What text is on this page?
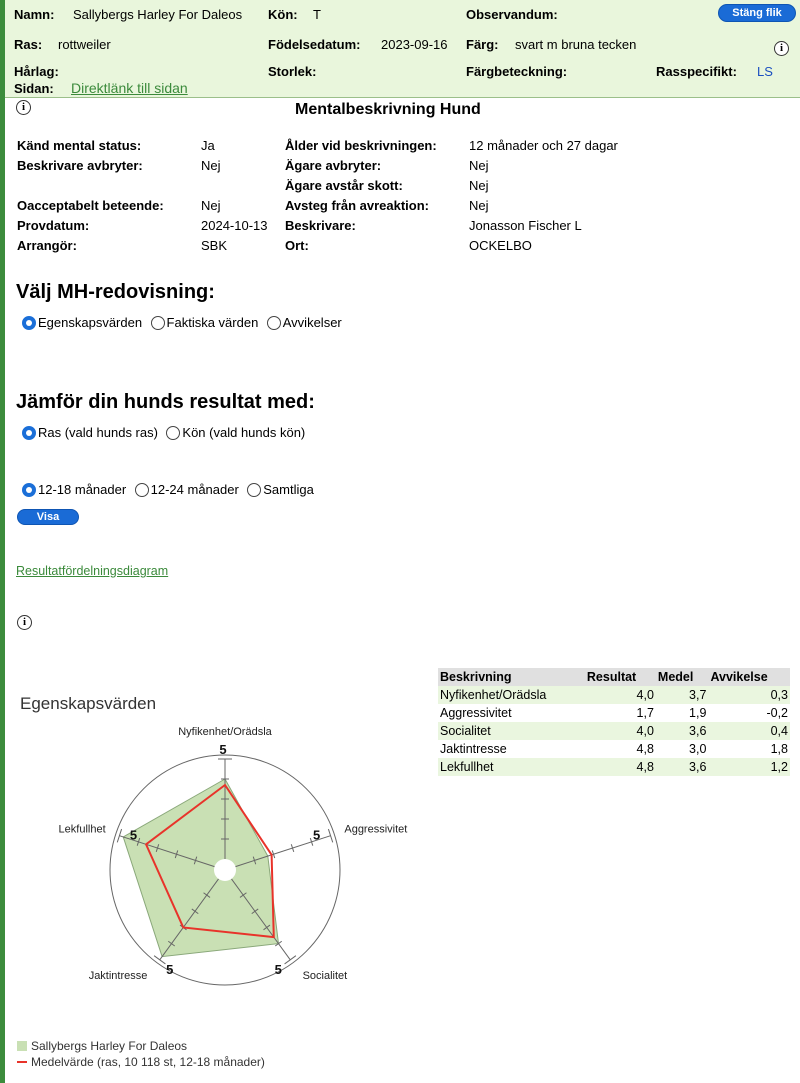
Namn: Sallybergs Harley For Daleos Kön: T	Observandum:	Stäng flik
Ras: rottweiler	Födelsedatum: 2023-09-16 Färg: svart m bruna tecken	i
Hårlag:	Storlek:	Färgbeteckning:	Rasspecifikt: LS
Sidan: Direktlänk till sidan
i	Mentalbeskrivning Hund
Känd mental status:	Ja	Ålder vid beskrivningen: 12 månader och 27 dagar
Beskrivare avbryter:	Nej	Ägare avbryter:	Nej
Ägare avstår skott:	Nej
Oacceptabelt beteende:	Nej	Avsteg från avreaktion:	Nej
Provdatum:	2024-10-13 Beskrivare:	Jonasson Fischer L
Arrangör:	SBK	Ort:	OCKELBO
Välj MH-redovisning:
Egenskapsvärden Faktiska värden Avvikelser
Jämför din hunds resultat med:
Ras (vald hunds ras) Kön (vald hunds kön)
12-18 månader 12-24 månader Samtliga
Visa
Resultatfördelningsdiagram
i
Beskrivning	Resultat	Medel	Avvikelse
Nyfikenhet/Orädsla	4,0	3,7	0,3
Aggressivitet	1,7	1,9	-0,2
Socialitet	4,0	3,6	0,4
Jaktintresse	4,8	3,0	1,8
Lekfullhet	4,8	3,6	1,2
Egenskapsvärden
Nyfikenhet/Orädsla
5
Aggressivitet
5
Socialitet
5
Jaktintresse 5
Lekfullhet 5
Sallybergs Harley For Daleos
Medelvärde (ras, 10 118 st, 12-18 månader)
